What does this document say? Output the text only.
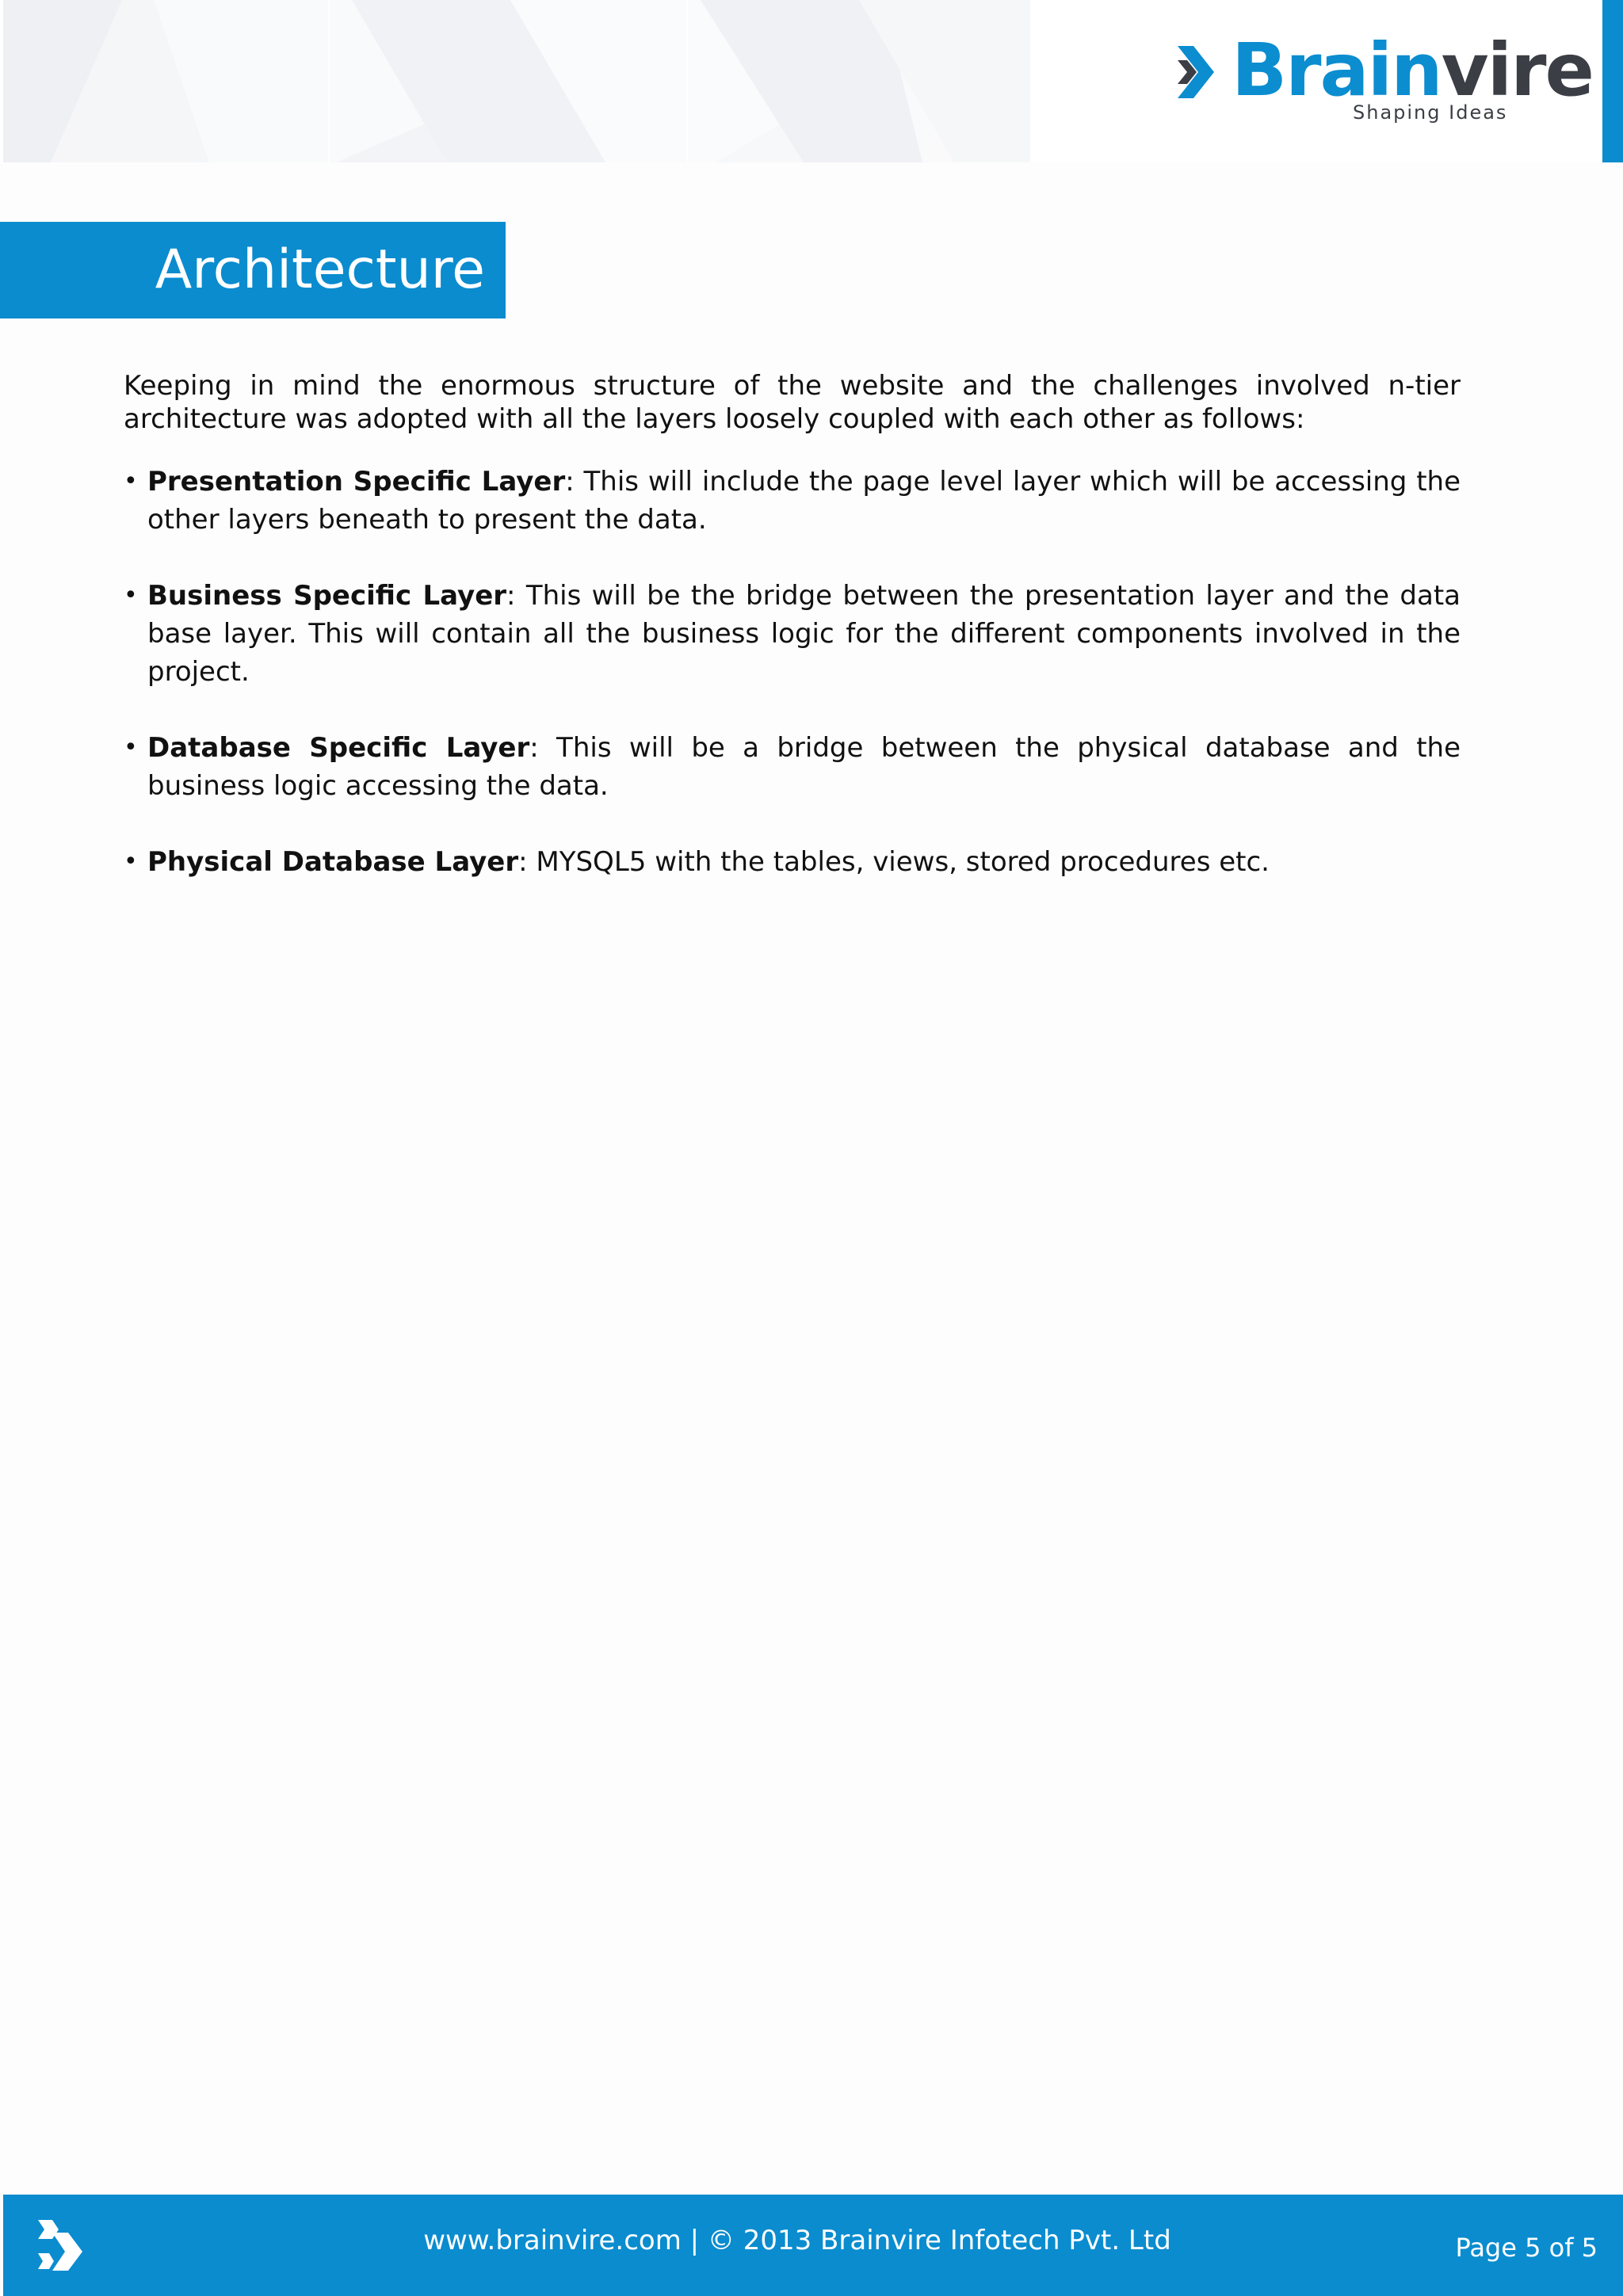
Brainvire
Shaping Ideas
Architecture

Keeping in mind the enormous structure of the website and the challenges involved n-tier architecture was adopted with all the layers loosely coupled with each other as follows:

• Presentation Specific Layer: This will include the page level layer which will be accessing the other layers beneath to present the data.
• Business Specific Layer: This will be the bridge between the presentation layer and the data base layer. This will contain all the business logic for the different components involved in the project.
• Database Specific Layer: This will be a bridge between the physical database and the business logic accessing the data.
• Physical Database Layer: MYSQL5 with the tables, views, stored procedures etc.
www.brainvire.com | © 2013 Brainvire Infotech Pvt. Ltd	Page 5 of 5
